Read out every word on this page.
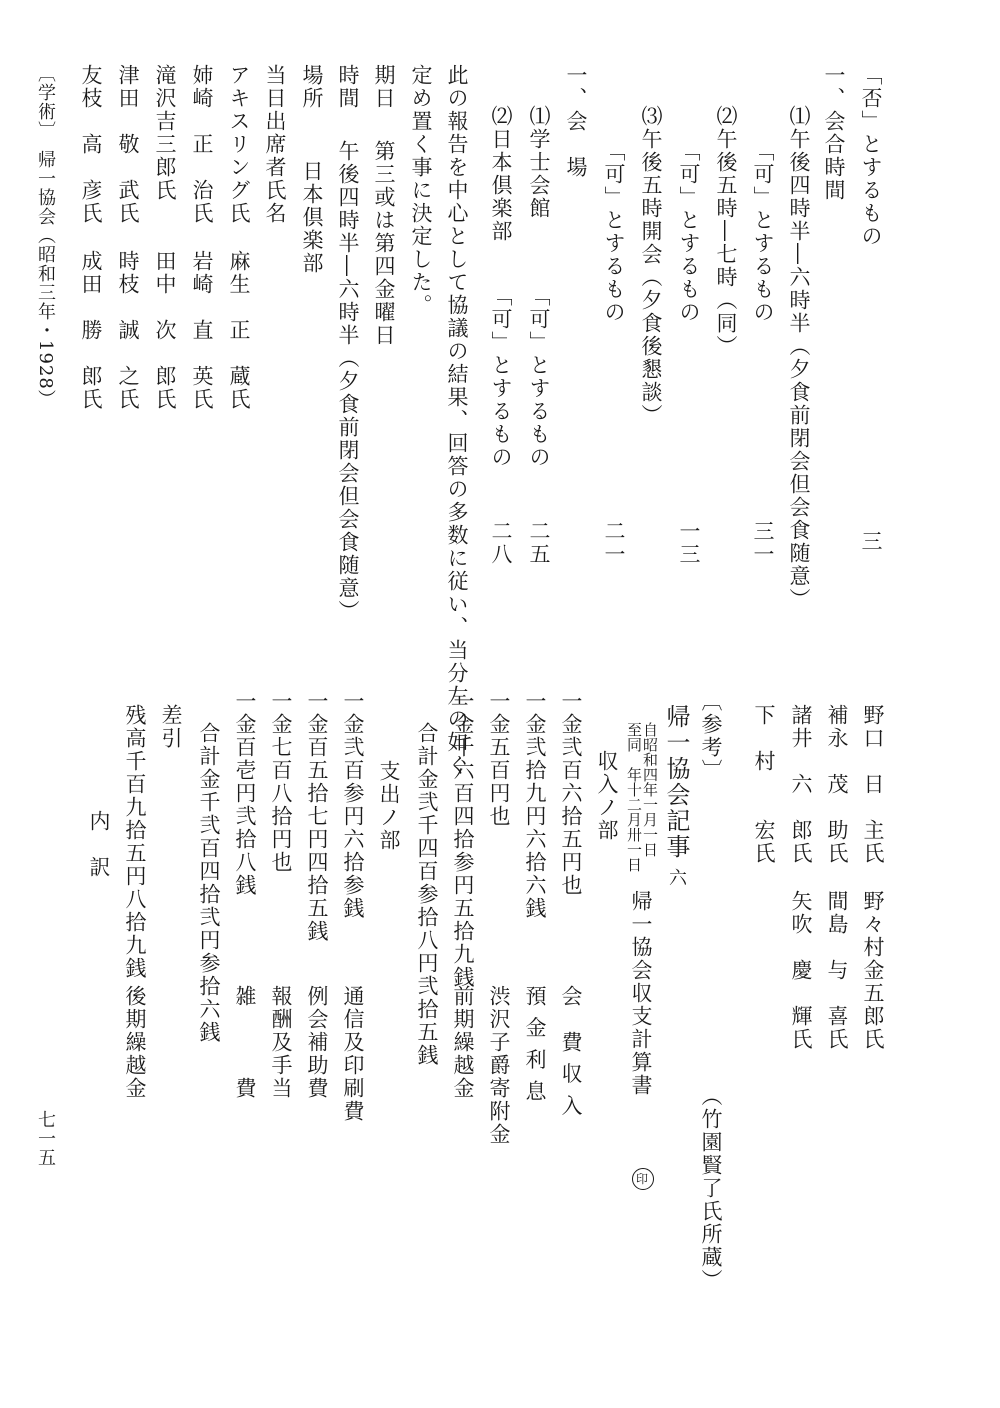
「否」とするもの
三
一、会合時間
⑴午後四時半―六時半（夕食前閉会但会食随意）
「可」とするもの
三一
⑵午後五時―七時（同）
「可」とするもの
一三
⑶午後五時開会（夕食後懇談）
「可」とするもの
二一
一、会　場
⑴学士会館
「可」とするもの
二五
⑵日本倶楽部
「可」とするもの
二八
此の報告を中心として協議の結果、回答の多数に従い、当分左の如く
定め置く事に決定した。
期日
第三或は第四金曜日
時間
午後四時半―六時半（夕食前閉会但会食随意）
場所
日本倶楽部
当日出席者氏名
アキスリング氏
麻生　正　蔵氏
姉崎　正　治氏
岩崎　直　英氏
滝沢吉三郎氏
田中　次　郎氏
津田　敬　武氏
時枝　誠　之氏
友枝　高　彦氏
成田　勝　郎氏
〔学術〕　帰一協会（昭和三年・1928）
野口　日　主氏
野々村金五郎氏
補永　茂　助氏
間島　与　喜氏
諸井　六　郎氏
矢吹　慶　輝氏
下　村　　宏氏
〔参考〕
（竹園賢了氏所蔵）
帰一協会記事六
自昭和四年一月一日
至同　年十二月卅一日
帰一協会収支計算書
印
収入ノ部
一金弐百六拾五円也
会　費 収 入
一金弐拾九円六拾六銭
預 金 利 息
一金五百円也
渋沢子爵寄附金
一金千六百四拾参円五拾九銭
前期繰越金
合計金弐千四百参拾八円弐拾五銭
支出ノ部
一金弐百参円六拾参銭
通信及印刷費
一金百五拾七円四拾五銭
例会補助費
一金七百八拾円也
報酬及手当
一金百壱円弐拾八銭
雑　　　費
合計金千弐百四拾弐円参拾六銭
差引
残高千百九拾五円八拾九銭
後期繰越金
内　訳
七一五
